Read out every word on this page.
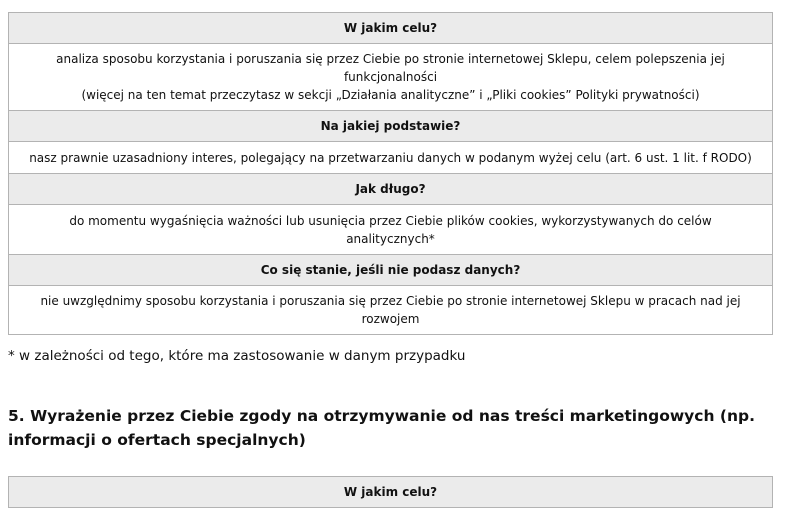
W jakim celu?
analiza sposobu korzystania i poruszania się przez Ciebie po stronie internetowej Sklepu, celem polepszenia jej funkcjonalności
(więcej na ten temat przeczytasz w sekcji „Działania analityczne” i „Pliki cookies” Polityki prywatności)
Na jakiej podstawie?
nasz prawnie uzasadniony interes, polegający na przetwarzaniu danych w podanym wyżej celu (art. 6 ust. 1 lit. f RODO)
Jak długo?
do momentu wygaśnięcia ważności lub usunięcia przez Ciebie plików cookies, wykorzystywanych do celów analitycznych*
Co się stanie, jeśli nie podasz danych?
nie uwzględnimy sposobu korzystania i poruszania się przez Ciebie po stronie internetowej Sklepu w pracach nad jej rozwojem
* w zależności od tego, które ma zastosowanie w danym przypadku
5. Wyrażenie przez Ciebie zgody na otrzymywanie od nas treści marketingowych (np. informacji o ofertach specjalnych)
W jakim celu?
